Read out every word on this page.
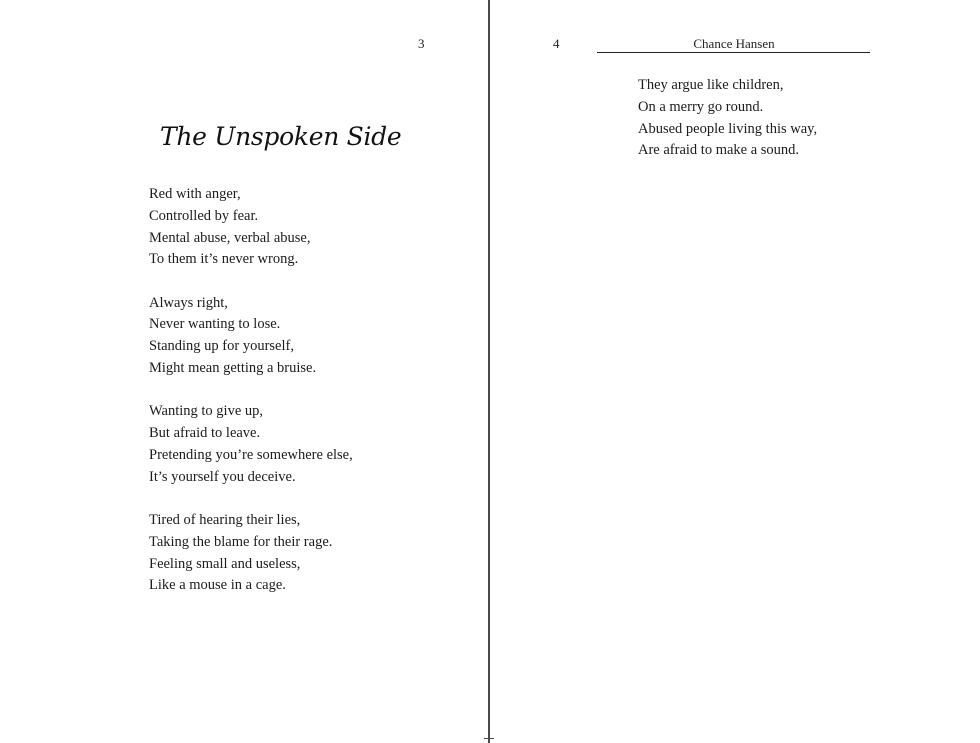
3
The Unspoken Side
Red with anger,
Controlled by fear.
Mental abuse, verbal abuse,
To them it’s never wrong.
Always right,
Never wanting to lose.
Standing up for yourself,
Might mean getting a bruise.
Wanting to give up,
But afraid to leave.
Pretending you’re somewhere else,
It’s yourself you deceive.
Tired of hearing their lies,
Taking the blame for their rage.
Feeling small and useless,
Like a mouse in a cage.
4	Chance Hansen
They argue like children,
On a merry go round.
Abused people living this way,
Are afraid to make a sound.
